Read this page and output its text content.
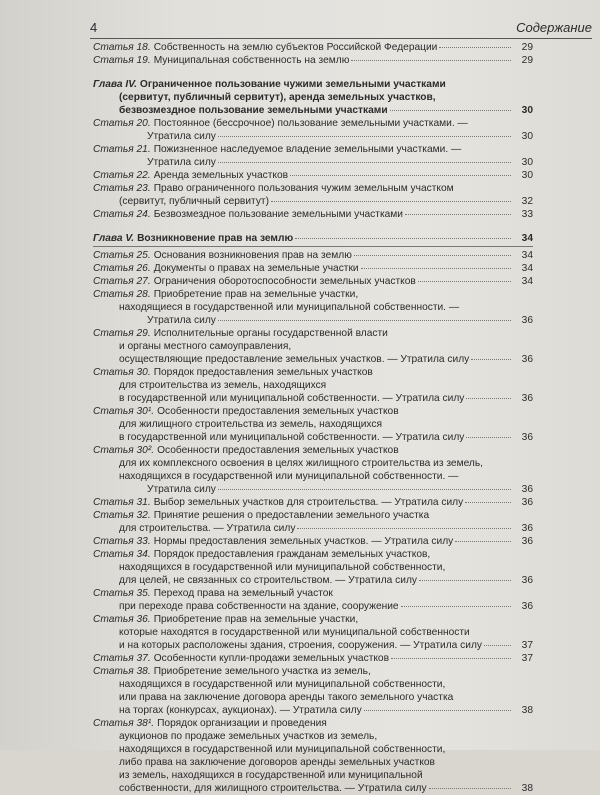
4	Содержание
Статья 18. Собственность на землю субъектов Российской Федерации	29
Статья 19. Муниципальная собственность на землю	29
Глава IV. Ограниченное пользование чужими земельными участками
(сервитут, публичный сервитут), аренда земельных участков,
безвозмездное пользование земельными участками	30
Статья 20. Постоянное (бессрочное) пользование земельными участками. —
Утратила силу	30
Статья 21. Пожизненное наследуемое владение земельными участками. —
Утратила силу	30
Статья 22. Аренда земельных участков	30
Статья 23. Право ограниченного пользования чужим земельным участком
(сервитут, публичный сервитут)	32
Статья 24. Безвозмездное пользование земельными участками	33
Глава V. Возникновение прав на землю	34
Статья 25. Основания возникновения прав на землю	34
Статья 26. Документы о правах на земельные участки	34
Статья 27. Ограничения оборотоспособности земельных участков	34
Статья 28. Приобретение прав на земельные участки,
находящиеся в государственной или муниципальной собственности. —
Утратила силу	36
Статья 29. Исполнительные органы государственной власти
и органы местного самоуправления,
осуществляющие предоставление земельных участков. — Утратила силу	36
Статья 30. Порядок предоставления земельных участков
для строительства из земель, находящихся
в государственной или муниципальной собственности. — Утратила силу	36
Статья 30¹. Особенности предоставления земельных участков
для жилищного строительства из земель, находящихся
в государственной или муниципальной собственности. — Утратила силу	36
Статья 30². Особенности предоставления земельных участков
для их комплексного освоения в целях жилищного строительства из земель,
находящихся в государственной или муниципальной собственности. —
Утратила силу	36
Статья 31. Выбор земельных участков для строительства. — Утратила силу	36
Статья 32. Принятие решения о предоставлении земельного участка
для строительства. — Утратила силу	36
Статья 33. Нормы предоставления земельных участков. — Утратила силу	36
Статья 34. Порядок предоставления гражданам земельных участков,
находящихся в государственной или муниципальной собственности,
для целей, не связанных со строительством. — Утратила силу	36
Статья 35. Переход права на земельный участок
при переходе права собственности на здание, сооружение	36
Статья 36. Приобретение прав на земельные участки,
которые находятся в государственной или муниципальной собственности
и на которых расположены здания, строения, сооружения. — Утратила силу	37
Статья 37. Особенности купли-продажи земельных участков	37
Статья 38. Приобретение земельного участка из земель,
находящихся в государственной или муниципальной собственности,
или права на заключение договора аренды такого земельного участка
на торгах (конкурсах, аукционах). — Утратила силу	38
Статья 38¹. Порядок организации и проведения
аукционов по продаже земельных участков из земель,
находящихся в государственной или муниципальной собственности,
либо права на заключение договоров аренды земельных участков
из земель, находящихся в государственной или муниципальной
собственности, для жилищного строительства. — Утратила силу	38
